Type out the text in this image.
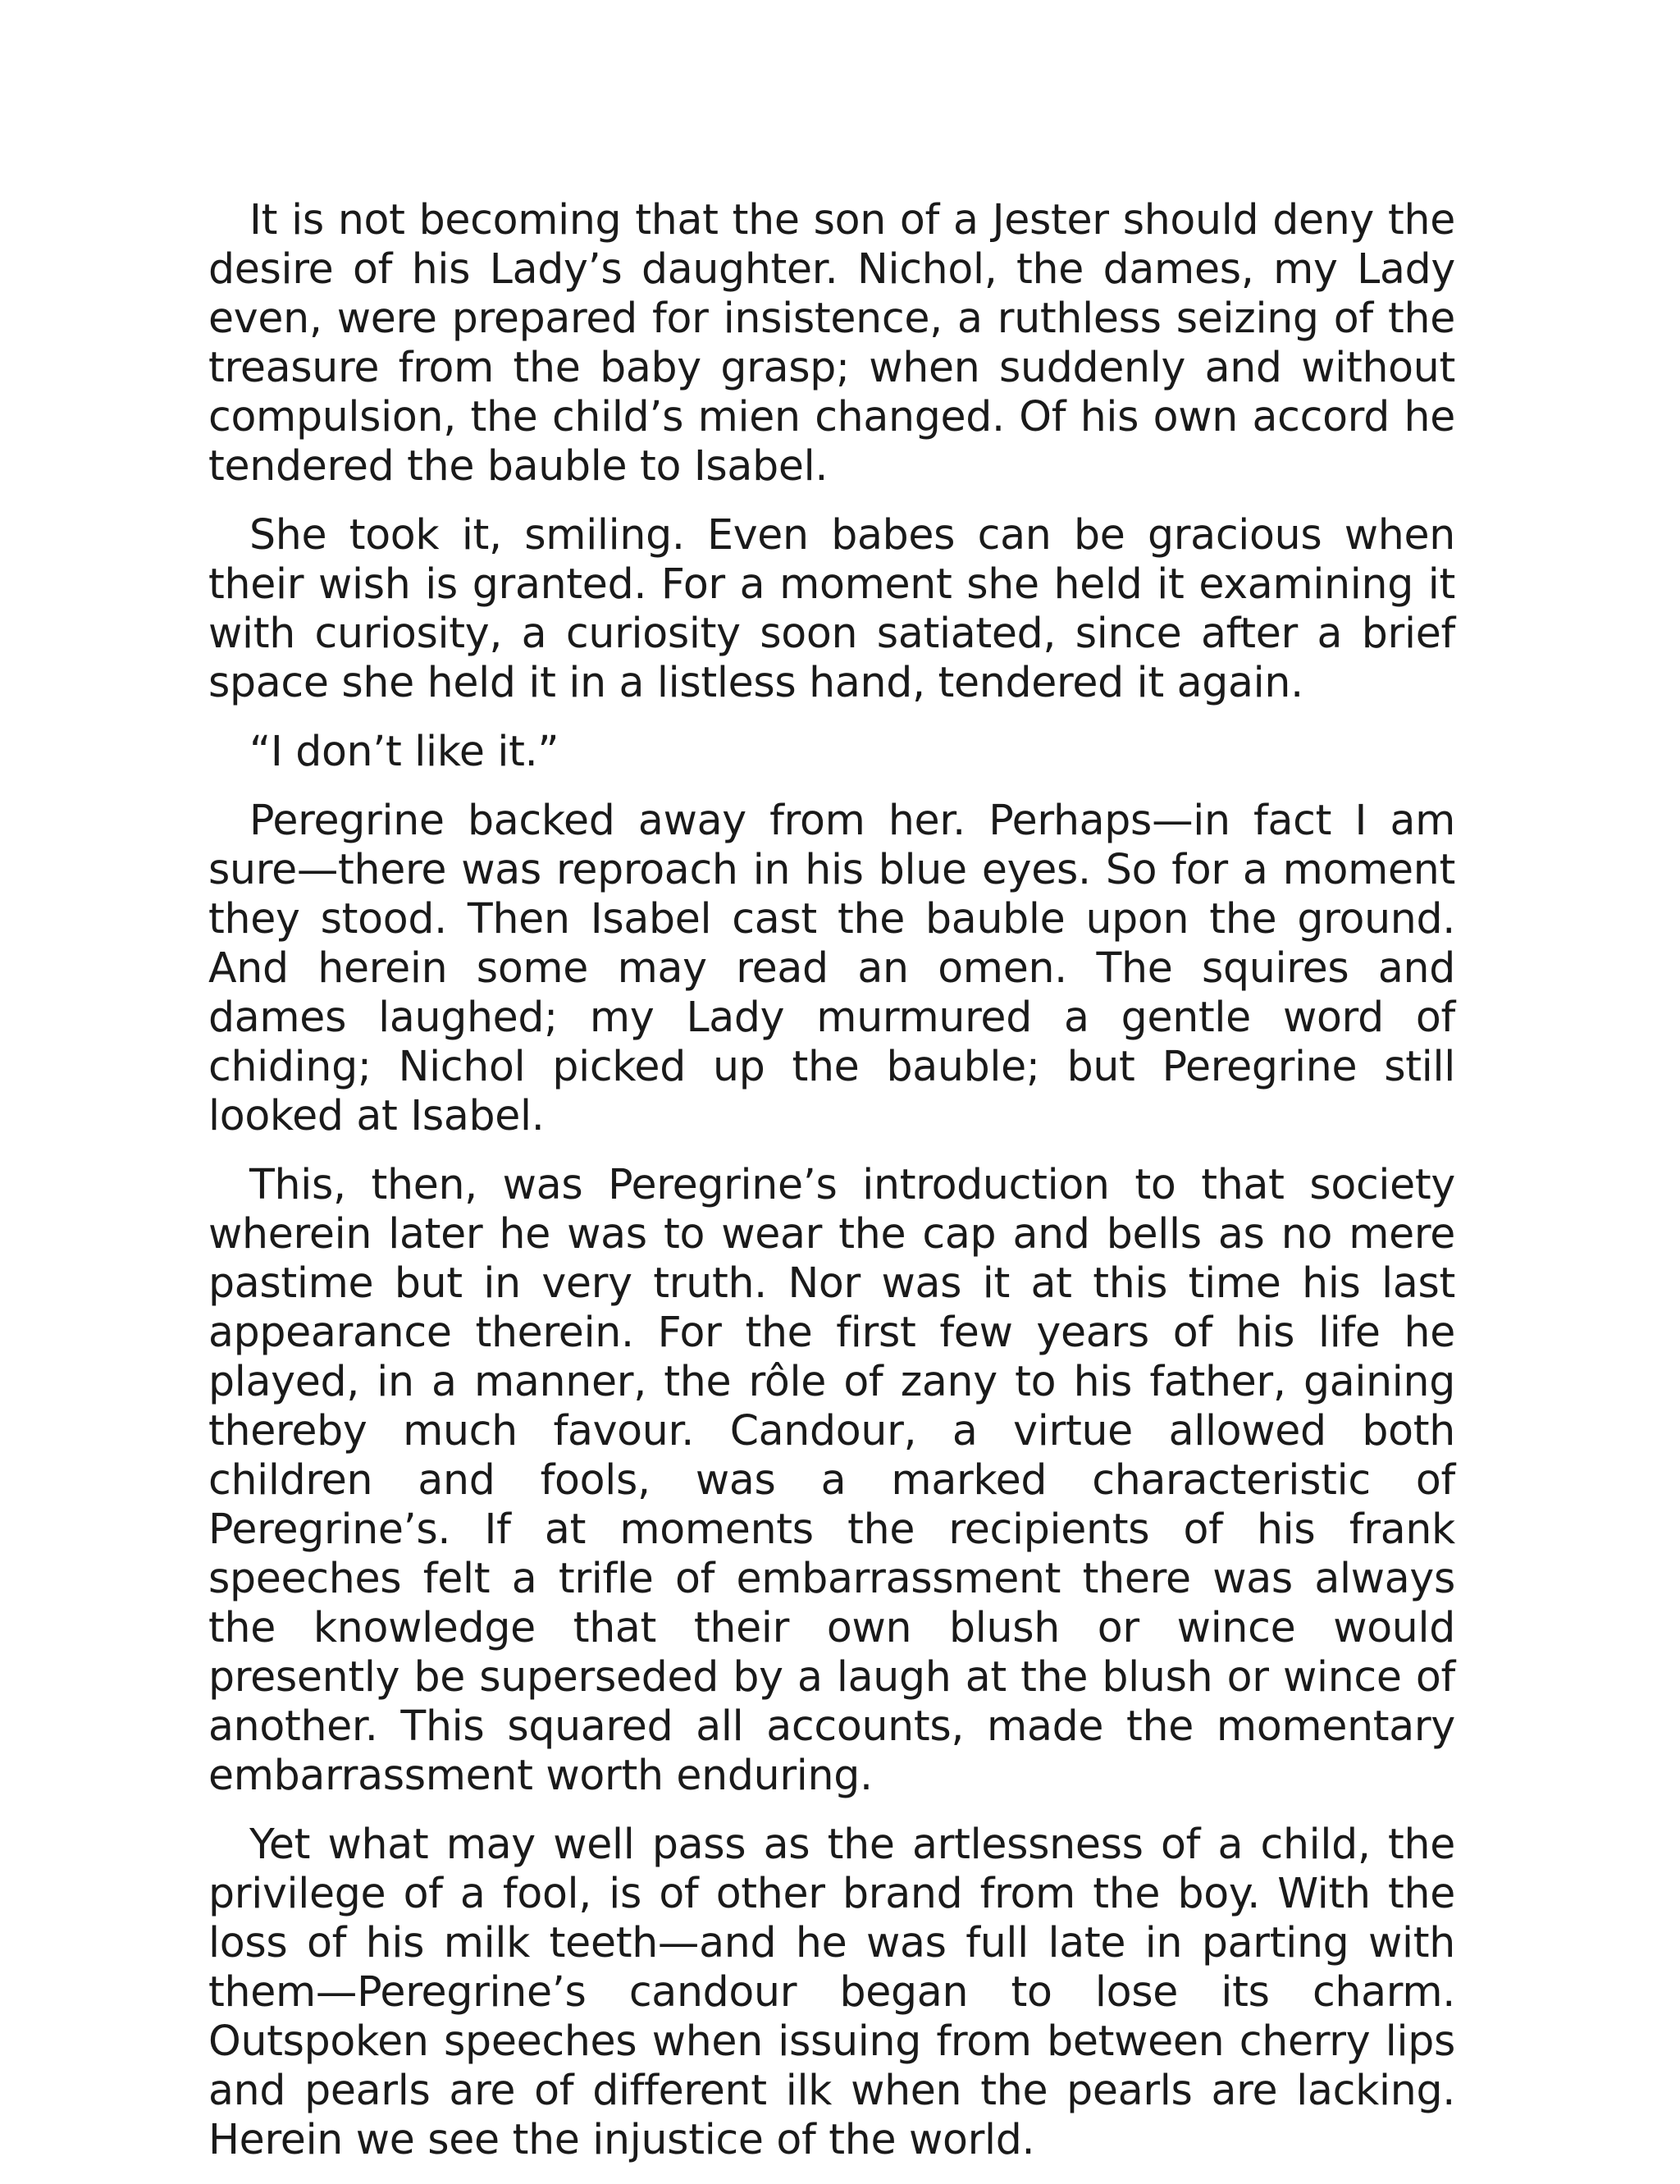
It is not becoming that the son of a Jester should deny the desire of his Lady’s daughter. Nichol, the dames, my Lady even, were prepared for insistence, a ruthless seizing of the treasure from the baby grasp; when suddenly and without compulsion, the child’s mien changed. Of his own accord he tendered the bauble to Isabel.

She took it, smiling. Even babes can be gracious when their wish is granted. For a moment she held it examining it with curiosity, a curiosity soon satiated, since after a brief space she held it in a listless hand, tendered it again.

“I don’t like it.”

Peregrine backed away from her. Perhaps—in fact I am sure—there was reproach in his blue eyes. So for a moment they stood. Then Isabel cast the bauble upon the ground. And herein some may read an omen. The squires and dames laughed; my Lady murmured a gentle word of chiding; Nichol picked up the bauble; but Peregrine still looked at Isabel.

This, then, was Peregrine’s introduction to that society wherein later he was to wear the cap and bells as no mere pastime but in very truth. Nor was it at this time his last appearance therein. For the first few years of his life he played, in a manner, the rôle of zany to his father, gaining thereby much favour. Candour, a virtue allowed both children and fools, was a marked characteristic of Peregrine’s. If at moments the recipients of his frank speeches felt a trifle of embarrassment there was always the knowledge that their own blush or wince would presently be superseded by a laugh at the blush or wince of another. This squared all accounts, made the momentary embarrassment worth enduring.

Yet what may well pass as the artlessness of a child, the privilege of a fool, is of other brand from the boy. With the loss of his milk teeth—and he was full late in parting with them—Peregrine’s candour began to lose its charm. Outspoken speeches when issuing from between cherry lips and pearls are of different ilk when the pearls are lacking. Herein we see the injustice of the world.
